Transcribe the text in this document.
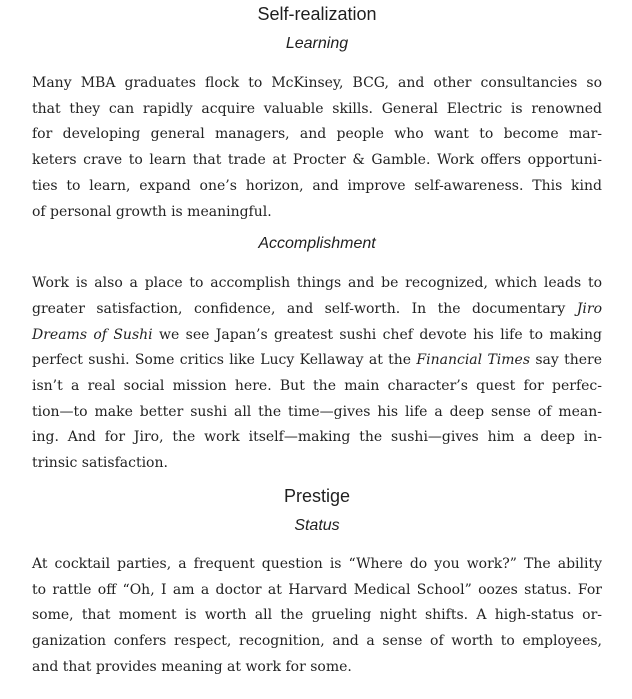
Self-realization
Learning

Many MBA graduates flock to McKinsey, BCG, and other consultancies so
that they can rapidly acquire valuable skills. General Electric is renowned
for developing general managers, and people who want to become mar-
keters crave to learn that trade at Procter & Gamble. Work offers opportuni-
ties to learn, expand one’s horizon, and improve self-awareness. This kind
of personal growth is meaningful.

Accomplishment

Work is also a place to accomplish things and be recognized, which leads to
greater satisfaction, confidence, and self-worth. In the documentary Jiro
Dreams of Sushi we see Japan’s greatest sushi chef devote his life to making
perfect sushi. Some critics like Lucy Kellaway at the Financial Times say there
isn’t a real social mission here. But the main character’s quest for perfec-
tion—to make better sushi all the time—gives his life a deep sense of mean-
ing. And for Jiro, the work itself—making the sushi—gives him a deep in-
trinsic satisfaction.

Prestige
Status

At cocktail parties, a frequent question is “Where do you work?” The ability
to rattle off “Oh, I am a doctor at Harvard Medical School” oozes status. For
some, that moment is worth all the grueling night shifts. A high-status or-
ganization confers respect, recognition, and a sense of worth to employees,
and that provides meaning at work for some.
